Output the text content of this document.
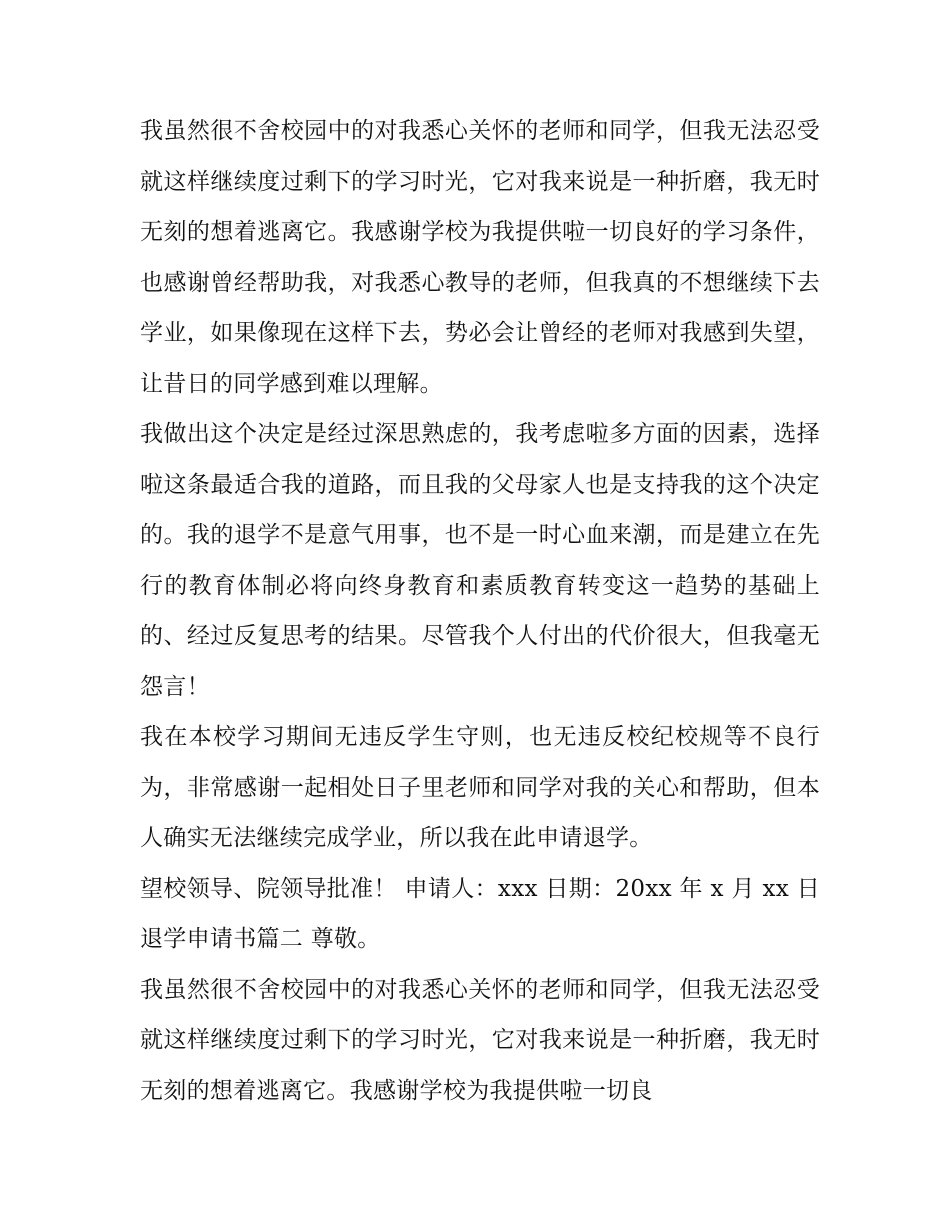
我虽然很不舍校园中的对我悉心关怀的老师和同学，但我无法忍受就这样继续度过剩下的学习时光，它对我来说是一种折磨，我无时无刻的想着逃离它。我感谢学校为我提供啦一切良好的学习条件，也感谢曾经帮助我，对我悉心教导的老师，但我真的不想继续下去学业，如果像现在这样下去，势必会让曾经的老师对我感到失望，让昔日的同学感到难以理解。

我做出这个决定是经过深思熟虑的，我考虑啦多方面的因素，选择啦这条最适合我的道路，而且我的父母家人也是支持我的这个决定的。我的退学不是意气用事，也不是一时心血来潮，而是建立在先行的教育体制必将向终身教育和素质教育转变这一趋势的基础上的、经过反复思考的结果。尽管我个人付出的代价很大，但我毫无怨言！

我在本校学习期间无违反学生守则，也无违反校纪校规等不良行为，非常感谢一起相处日子里老师和同学对我的关心和帮助，但本人确实无法继续完成学业，所以我在此申请退学。

望校领导、院领导批准！ 申请人：xxx 日期：20xx 年 x 月 xx 日 退学申请书篇二 尊敬。

我虽然很不舍校园中的对我悉心关怀的老师和同学，但我无法忍受就这样继续度过剩下的学习时光，它对我来说是一种折磨，我无时无刻的想着逃离它。我感谢学校为我提供啦一切良
